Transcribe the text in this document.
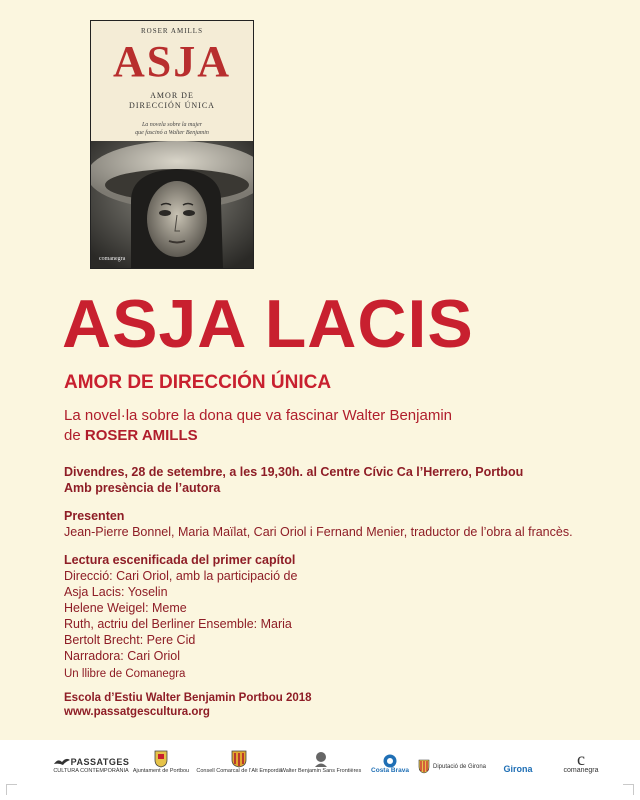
ROSER AMILLS
ASJA
AMOR DE
DIRECCIÓN ÚNICA
La novela sobre la mujer
que fascinó a Walter Benjamin
comanegra
ASJA LACIS
AMOR DE DIRECCIÓN ÚNICA
La novel·la sobre la dona que va fascinar Walter Benjamin
de ROSER AMILLS
Divendres, 28 de setembre, a les 19,30h. al Centre Cívic Ca l’Herrero, Portbou
Amb presència de l’autora
Presenten
Jean-Pierre Bonnel, Maria Maïlat, Cari Oriol i Fernand Menier, traductor de l’obra al francès.
Lectura escenificada del primer capítol
Direcció: Cari Oriol, amb la participació de
Asja Lacis: Yoselin
Helene Weigel: Meme
Ruth, actriu del Berliner Ensemble: Maria
Bertolt Brecht: Pere Cid
Narradora: Cari Oriol
Un llibre de Comanegra
Escola d’Estiu Walter Benjamin Portbou 2018
www.passatgescultura.org
PASSATGES
CULTURA CONTEMPORÀNIA Ajuntament de Portbou Consell Comarcal de l’Alt Empordà Walter Benjamin Sans Frontières Costa Brava
Diputació de Girona Girona c
comanegra
